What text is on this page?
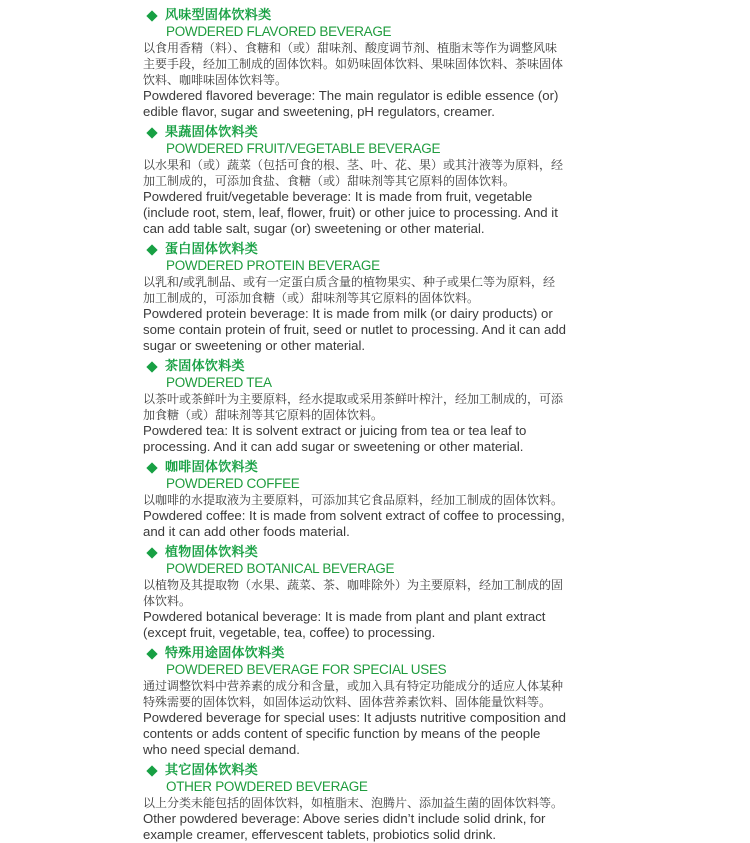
风味型固体饮料类
POWDERED FLAVORED BEVERAGE
以食用香精（料）、食糖和（或）甜味剂、酸度调节剂、植脂末等作为调整风味
主要手段，经加工制成的固体饮料。如奶味固体饮料、果味固体饮料、茶味固体
饮料、咖啡味固体饮料等。
Powdered flavored beverage: The main regulator is edible essence (or)
edible flavor, sugar and sweetening, pH regulators, creamer.
果蔬固体饮料类
POWDERED FRUIT/VEGETABLE BEVERAGE
以水果和（或）蔬菜（包括可食的根、茎、叶、花、果）或其汁液等为原料，经
加工制成的，可添加食盐、食糖（或）甜味剂等其它原料的固体饮料。
Powdered fruit/vegetable beverage: It is made from fruit, vegetable
(include root, stem, leaf, flower, fruit) or other juice to processing. And it
can add table salt, sugar (or) sweetening or other material.
蛋白固体饮料类
POWDERED PROTEIN BEVERAGE
以乳和/或乳制品、或有一定蛋白质含量的植物果实、种子或果仁等为原料，经
加工制成的，可添加食糖（或）甜味剂等其它原料的固体饮料。
Powdered protein beverage: It is made from milk (or dairy products) or
some contain protein of fruit, seed or nutlet to processing. And it can add
sugar or sweetening or other material.
茶固体饮料类
POWDERED TEA
以茶叶或茶鲜叶为主要原料，经水提取或采用茶鲜叶榨汁，经加工制成的，可添
加食糖（或）甜味剂等其它原料的固体饮料。
Powdered tea: It is solvent extract or juicing from tea or tea leaf to
processing. And it can add sugar or sweetening or other material.
咖啡固体饮料类
POWDERED COFFEE
以咖啡的水提取液为主要原料，可添加其它食品原料，经加工制成的固体饮料。
Powdered coffee: It is made from solvent extract of coffee to processing,
and it can add other foods material.
植物固体饮料类
POWDERED BOTANICAL BEVERAGE
以植物及其提取物（水果、蔬菜、茶、咖啡除外）为主要原料，经加工制成的固
体饮料。
Powdered botanical beverage: It is made from plant and plant extract
(except fruit, vegetable, tea, coffee) to processing.
特殊用途固体饮料类
POWDERED BEVERAGE FOR SPECIAL USES
通过调整饮料中营养素的成分和含量，或加入具有特定功能成分的适应人体某种
特殊需要的固体饮料，如固体运动饮料、固体营养素饮料、固体能量饮料等。
Powdered beverage for special uses: It adjusts nutritive composition and
contents or adds content of specific function by means of the people
who need special demand.
其它固体饮料类
OTHER POWDERED BEVERAGE
以上分类未能包括的固体饮料，如植脂末、泡腾片、添加益生菌的固体饮料等。
Other powdered beverage: Above series didn’t include solid drink, for
example creamer, effervescent tablets, probiotics solid drink.
